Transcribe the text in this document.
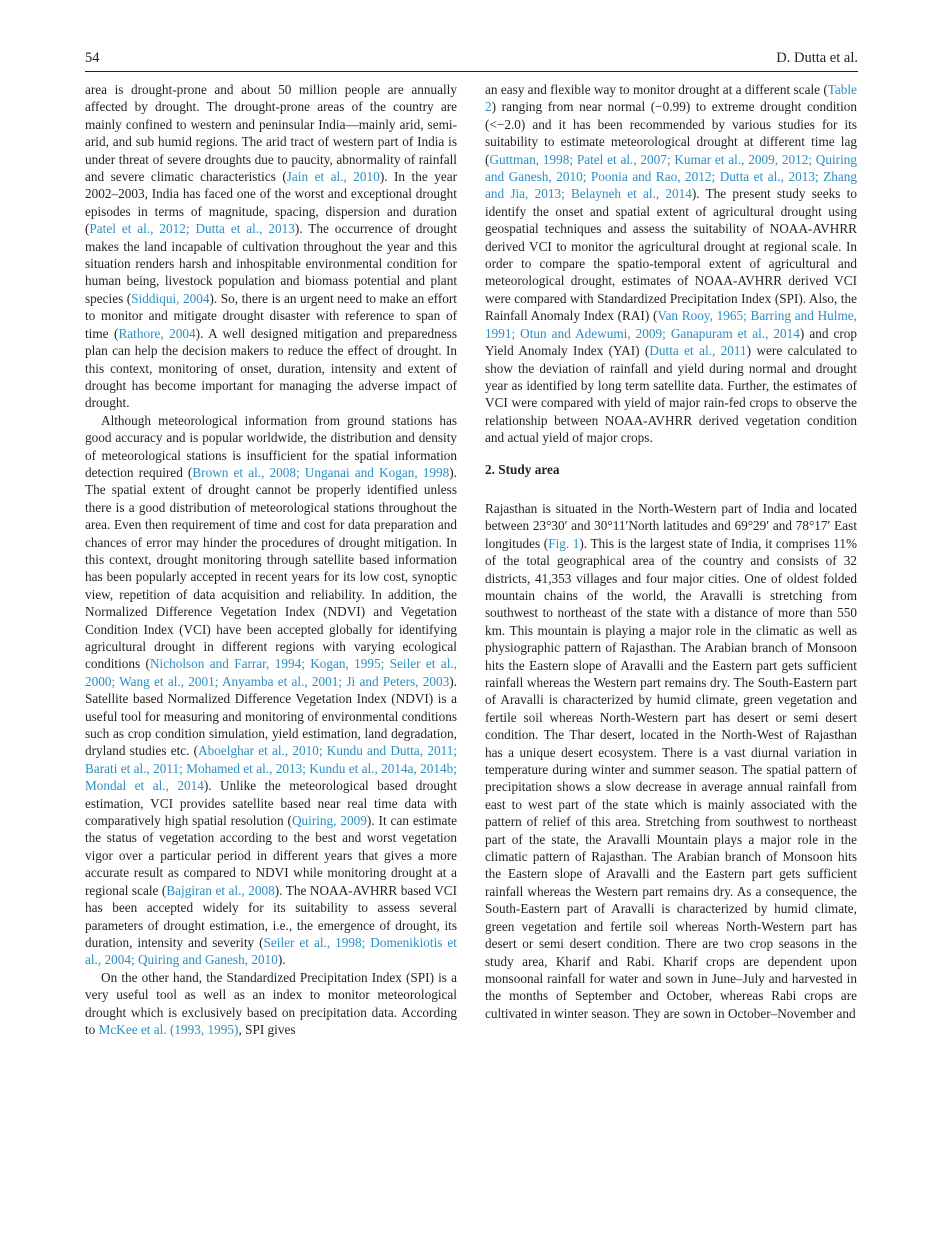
54	D. Dutta et al.

area is drought-prone and about 50 million people are annually affected by drought. The drought-prone areas of the country are mainly confined to western and peninsular India—mainly arid, semi-arid, and sub humid regions. The arid tract of western part of India is under threat of severe droughts due to paucity, abnormality of rainfall and severe climatic characteristics (Jain et al., 2010). In the year 2002–2003, India has faced one of the worst and exceptional drought episodes in terms of magnitude, spacing, dispersion and duration (Patel et al., 2012; Dutta et al., 2013). The occurrence of drought makes the land incapable of cultivation throughout the year and this situation renders harsh and inhospitable environmental condition for human being, livestock population and biomass potential and plant species (Siddiqui, 2004). So, there is an urgent need to make an effort to monitor and mitigate drought disaster with reference to span of time (Rathore, 2004). A well designed mitigation and preparedness plan can help the decision makers to reduce the effect of drought. In this context, monitoring of onset, duration, intensity and extent of drought has become important for managing the adverse impact of drought.

Although meteorological information from ground stations has good accuracy and is popular worldwide, the distribution and density of meteorological stations is insufficient for the spatial information detection required (Brown et al., 2008; Unganai and Kogan, 1998). The spatial extent of drought cannot be properly identified unless there is a good distribution of meteorological stations throughout the area. Even then requirement of time and cost for data preparation and chances of error may hinder the procedures of drought mitigation. In this context, drought monitoring through satellite based information has been popularly accepted in recent years for its low cost, synoptic view, repetition of data acquisition and reliability. In addition, the Normalized Difference Vegetation Index (NDVI) and Vegetation Condition Index (VCI) have been accepted globally for identifying agricultural drought in different regions with varying ecological conditions (Nicholson and Farrar, 1994; Kogan, 1995; Seiler et al., 2000; Wang et al., 2001; Anyamba et al., 2001; Ji and Peters, 2003). Satellite based Normalized Difference Vegetation Index (NDVI) is a useful tool for measuring and monitoring of environmental conditions such as crop condition simulation, yield estimation, land degradation, dryland studies etc. (Aboelghar et al., 2010; Kundu and Dutta, 2011; Barati et al., 2011; Mohamed et al., 2013; Kundu et al., 2014a, 2014b; Mondal et al., 2014). Unlike the meteorological based drought estimation, VCI provides satellite based near real time data with comparatively high spatial resolution (Quiring, 2009). It can estimate the status of vegetation according to the best and worst vegetation vigor over a particular period in different years that gives a more accurate result as compared to NDVI while monitoring drought at a regional scale (Bajgiran et al., 2008). The NOAA-AVHRR based VCI has been accepted widely for its suitability to assess several parameters of drought estimation, i.e., the emergence of drought, its duration, intensity and severity (Seiler et al., 1998; Domenikiotis et al., 2004; Quiring and Ganesh, 2010).

On the other hand, the Standardized Precipitation Index (SPI) is a very useful tool as well as an index to monitor meteorological drought which is exclusively based on precipitation data. According to McKee et al. (1993, 1995), SPI gives

an easy and flexible way to monitor drought at a different scale (Table 2) ranging from near normal (−0.99) to extreme drought condition (<−2.0) and it has been recommended by various studies for its suitability to estimate meteorological drought at different time lag (Guttman, 1998; Patel et al., 2007; Kumar et al., 2009, 2012; Quiring and Ganesh, 2010; Poonia and Rao, 2012; Dutta et al., 2013; Zhang and Jia, 2013; Belayneh et al., 2014). The present study seeks to identify the onset and spatial extent of agricultural drought using geospatial techniques and assess the suitability of NOAA-AVHRR derived VCI to monitor the agricultural drought at regional scale. In order to compare the spatio-temporal extent of agricultural and meteorological drought, estimates of NOAA-AVHRR derived VCI were compared with Standardized Precipitation Index (SPI). Also, the Rainfall Anomaly Index (RAI) (Van Rooy, 1965; Barring and Hulme, 1991; Otun and Adewumi, 2009; Ganapuram et al., 2014) and crop Yield Anomaly Index (YAI) (Dutta et al., 2011) were calculated to show the deviation of rainfall and yield during normal and drought year as identified by long term satellite data. Further, the estimates of VCI were compared with yield of major rain-fed crops to observe the relationship between NOAA-AVHRR derived vegetation condition and actual yield of major crops.

2. Study area

Rajasthan is situated in the North-Western part of India and located between 23°30′ and 30°11′North latitudes and 69°29′ and 78°17′ East longitudes (Fig. 1). This is the largest state of India, it comprises 11% of the total geographical area of the country and consists of 32 districts, 41,353 villages and four major cities. One of oldest folded mountain chains of the world, the Aravalli is stretching from southwest to northeast of the state with a distance of more than 550 km. This mountain is playing a major role in the climatic as well as physiographic pattern of Rajasthan. The Arabian branch of Monsoon hits the Eastern slope of Aravalli and the Eastern part gets sufficient rainfall whereas the Western part remains dry. The South-Eastern part of Aravalli is characterized by humid climate, green vegetation and fertile soil whereas North-Western part has desert or semi desert condition. The Thar desert, located in the North-West of Rajasthan has a unique desert ecosystem. There is a vast diurnal variation in temperature during winter and summer season. The spatial pattern of precipitation shows a slow decrease in average annual rainfall from east to west part of the state which is mainly associated with the pattern of relief of this area. Stretching from southwest to northeast part of the state, the Aravalli Mountain plays a major role in the climatic pattern of Rajasthan. The Arabian branch of Monsoon hits the Eastern slope of Aravalli and the Eastern part gets sufficient rainfall whereas the Western part remains dry. As a consequence, the South-Eastern part of Aravalli is characterized by humid climate, green vegetation and fertile soil whereas North-Western part has desert or semi desert condition. There are two crop seasons in the study area, Kharif and Rabi. Kharif crops are dependent upon monsoonal rainfall for water and sown in June–July and harvested in the months of September and October, whereas Rabi crops are cultivated in winter season. They are sown in October–November and
